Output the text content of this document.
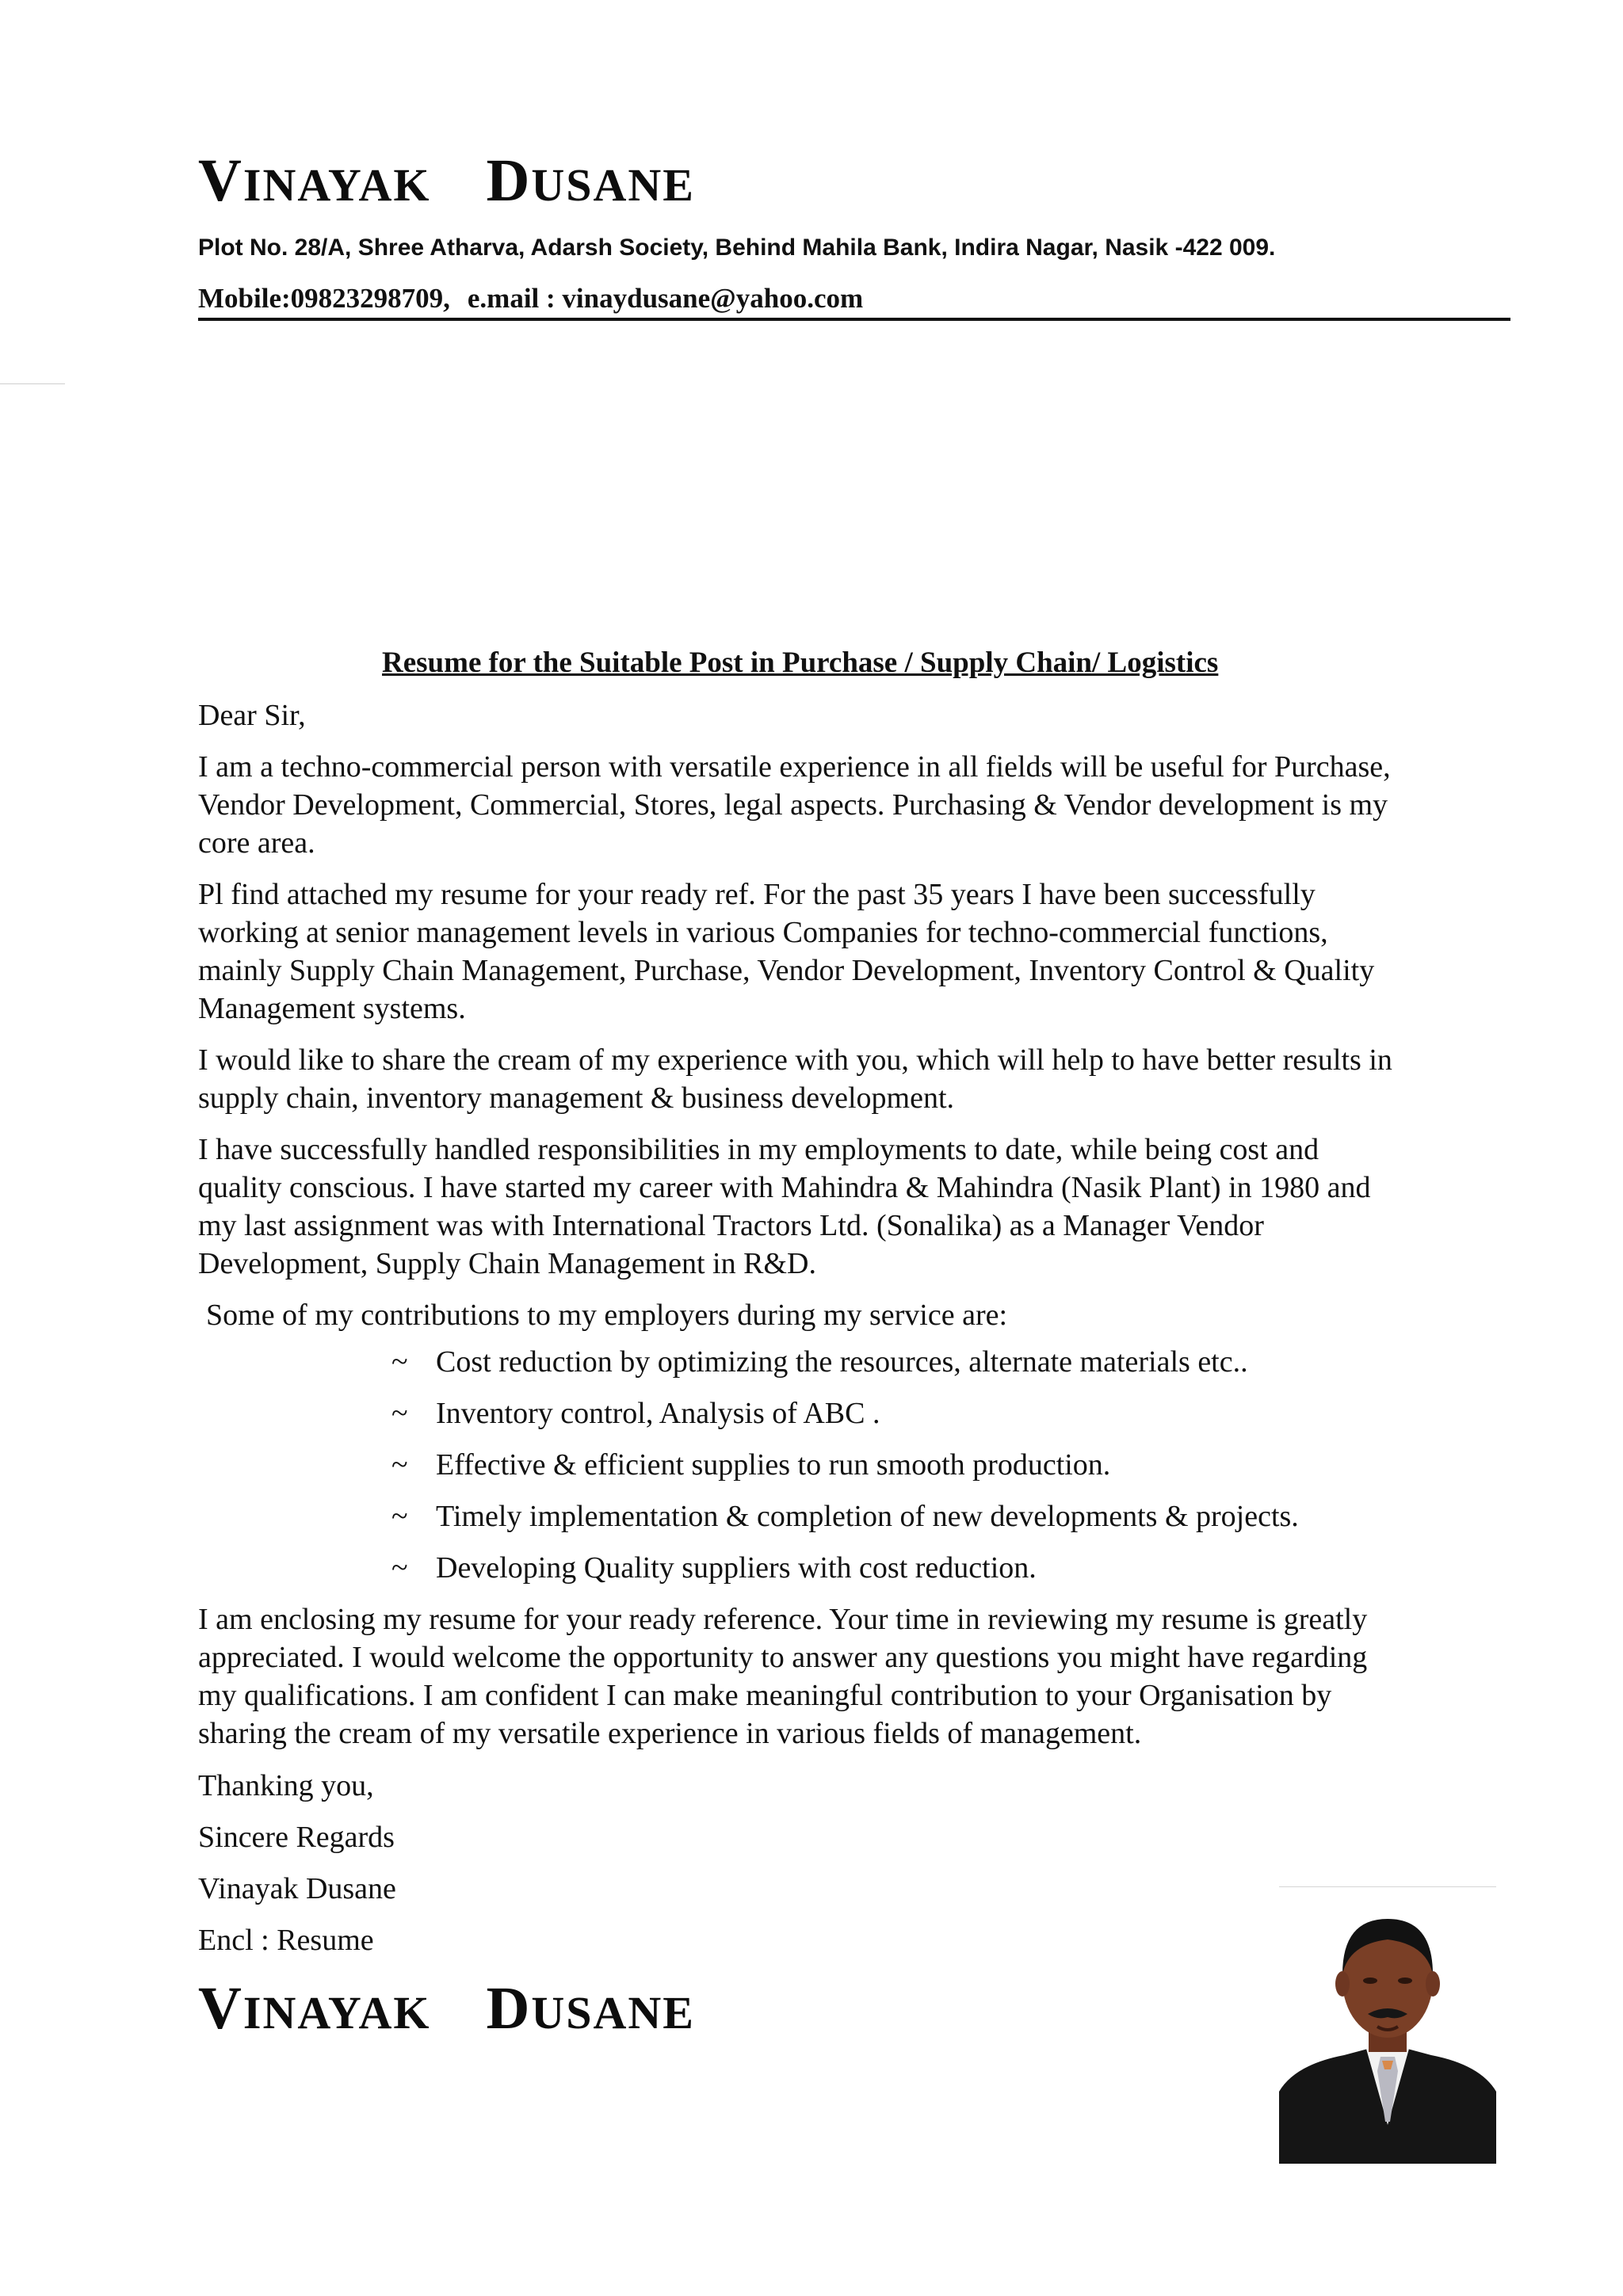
VINAYAK DUSANE
Plot No. 28/A, Shree Atharva, Adarsh Society, Behind Mahila Bank, Indira Nagar, Nasik -422 009.
Mobile:09823298709, e.mail : vinaydusane@yahoo.com
Resume for the Suitable Post in Purchase / Supply Chain/ Logistics

Dear Sir,

I am a techno-commercial person with versatile experience in all fields will be useful for Purchase,
Vendor Development, Commercial, Stores, legal aspects. Purchasing & Vendor development is my
core area.

Pl find attached my resume for your ready ref. For the past 35 years I have been successfully
working at senior management levels in various Companies for techno-commercial functions,
mainly Supply Chain Management, Purchase, Vendor Development, Inventory Control & Quality
Management systems.

I would like to share the cream of my experience with you, which will help to have better results in
supply chain, inventory management & business development.

I have successfully handled responsibilities in my employments to date, while being cost and
quality conscious. I have started my career with Mahindra & Mahindra (Nasik Plant) in 1980 and
my last assignment was with International Tractors Ltd. (Sonalika) as a Manager Vendor
Development, Supply Chain Management in R&D.

Some of my contributions to my employers during my service are:

~ Cost reduction by optimizing the resources, alternate materials etc..
~ Inventory control, Analysis of ABC .
~ Effective & efficient supplies to run smooth production.
~ Timely implementation & completion of new developments & projects.
~ Developing Quality suppliers with cost reduction.

I am enclosing my resume for your ready reference. Your time in reviewing my resume is greatly
appreciated. I would welcome the opportunity to answer any questions you might have regarding
my qualifications. I am confident I can make meaningful contribution to your Organisation by
sharing the cream of my versatile experience in various fields of management.

Thanking you,
Sincere Regards
Vinayak Dusane
Encl : Resume
VINAYAK DUSANE
